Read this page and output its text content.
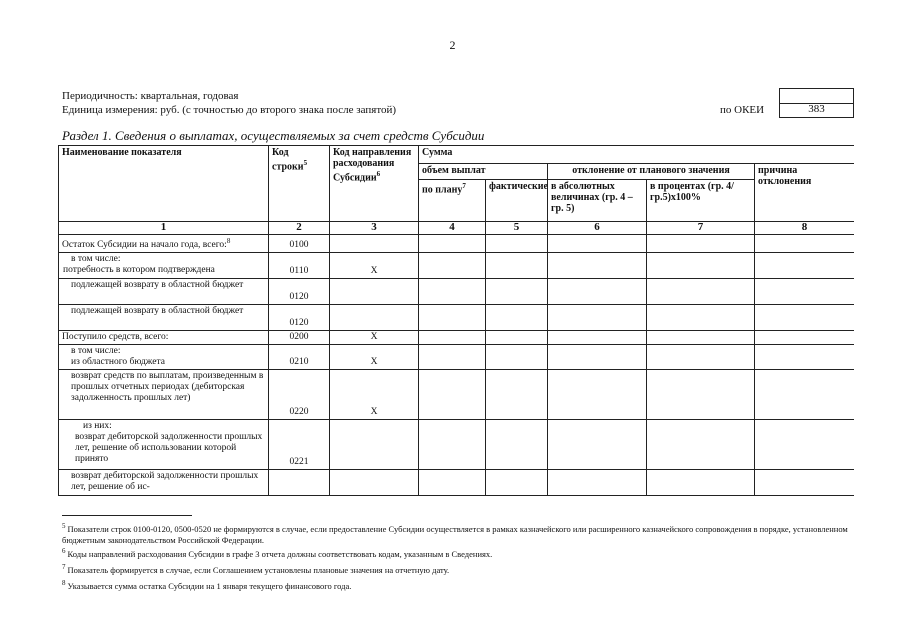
2
Периодичность: квартальная, годовая
Единица измерения: руб. (с точностью до второго знака после запятой)	по ОКЕИ	383
Раздел 1. Сведения о выплатах, осуществляемых за счет средств Субсидии
Наименование показателя	Код строки$^5$	Код направления расходования Субсидии$^6$	Сумма				
			объем выплат		отклонение от планового значения		причина отклонения
			по плану$^7$	фактические	в абсолютных величинах (гр. 4 – гр. 5)	в процентах (гр. 4/ гр.5)х100%	
1	2	3	4	5	6	7	8
Остаток Субсидии на начало года, всего:$^8$	0100						

в том числе:
потребность в котором подтверждена	0110	X					
подлежащей возврату в областной бюджет	0120						
подлежащей возврату в областной бюджет	0120						
Поступило средств, всего:	0200	X					

в том числе:
из областного бюджета	0210	X					
возврат средств по выплатам, произведенным в прошлых отчетных периодах (дебиторская задолженность прошлых лет)	0220	X					

из них:
возврат дебиторской задолженности прошлых лет, решение об использовании которой принято	0221						
возврат дебиторской задолженности прошлых лет, решение об ис-							
$^5$ Показатели строк 0100-0120, 0500-0520 не формируются в случае, если предоставление Субсидии осуществляется в рамках казначейского или расширенного казначейского сопровождения в порядке, установленном бюджетным законодательством Российской Федерации.
$^6$ Коды направлений расходования Субсидии в графе 3 отчета должны соответствовать кодам, указанным в Сведениях.
$^7$ Показатель формируется в случае, если Соглашением установлены плановые значения на отчетную дату.
$^8$ Указывается сумма остатка Субсидии на 1 января текущего финансового года.
